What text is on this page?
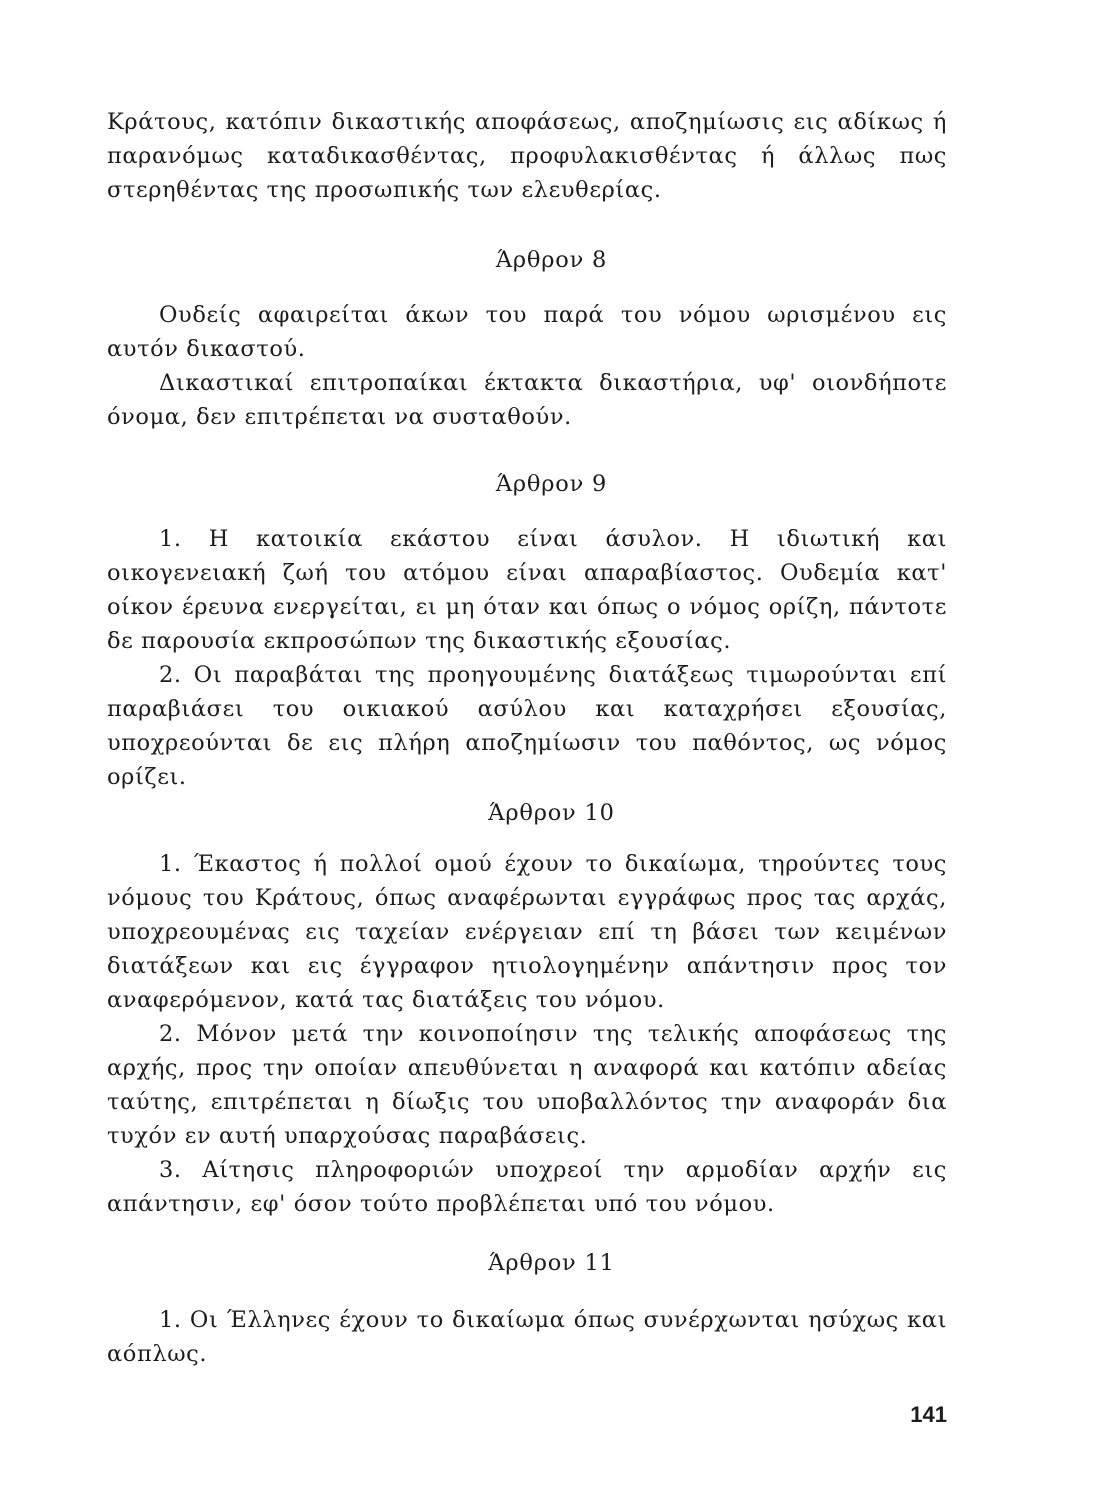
Κράτους, κατόπιν δικαστικής αποφάσεως, αποζημίωσις εις αδίκως ή παρανόμως καταδικασθέντας, προφυλακισθέντας ή άλλως πως στερηθέντας της προσωπικής των ελευθερίας.

Άρθρον 8

Ουδείς αφαιρείται άκων του παρά του νόμου ωρισμένου εις αυτόν δικαστού.

Δικαστικαί επιτροπαίκαι έκτακτα δικαστήρια, υφ' οιονδήποτε όνομα, δεν επιτρέπεται να συσταθούν.

Άρθρον 9

1. Η κατοικία εκάστου είναι άσυλον. Η ιδιωτική και οικογενειακή ζωή του ατόμου είναι απαραβίαστος. Ουδεμία κατ' οίκον έρευνα ενεργείται, ει μη όταν και όπως ο νόμος ορίζη, πάντοτε δε παρουσία εκπροσώπων της δικαστικής εξουσίας.

2. Οι παραβάται της προηγουμένης διατάξεως τιμωρούνται επί παραβιάσει του οικιακού ασύλου και καταχρήσει εξουσίας, υποχρεούνται δε εις πλήρη αποζημίωσιν του παθόντος, ως νόμος ορίζει.

Άρθρον 10

1. Έκαστος ή πολλοί ομού έχουν το δικαίωμα, τηρούντες τους νόμους του Κράτους, όπως αναφέρωνται εγγράφως προς τας αρχάς, υποχρεουμένας εις ταχείαν ενέργειαν επί τη βάσει των κειμένων διατάξεων και εις έγγραφον ητιολογημένην απάντησιν προς τον αναφερόμενον, κατά τας διατάξεις του νόμου.

2. Μόνον μετά την κοινοποίησιν της τελικής αποφάσεως της αρχής, προς την οποίαν απευθύνεται η αναφορά και κατόπιν αδείας ταύτης, επιτρέπεται η δίωξις του υποβαλλόντος την αναφοράν δια τυχόν εν αυτή υπαρχούσας παραβάσεις.

3. Αίτησις πληροφοριών υποχρεοί την αρμοδίαν αρχήν εις απάντησιν, εφ' όσον τούτο προβλέπεται υπό του νόμου.

Άρθρον 11

1. Οι Έλληνες έχουν το δικαίωμα όπως συνέρχωνται ησύχως και αόπλως.

141
